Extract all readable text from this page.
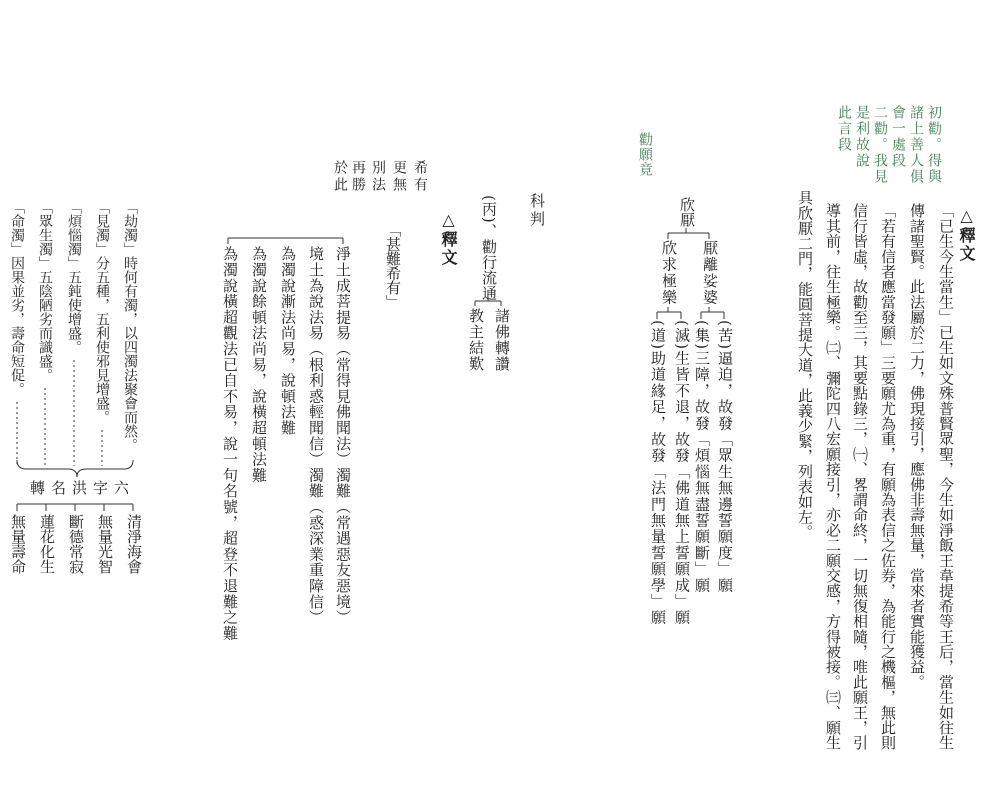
△釋文
初勸。得與
諸上善人俱
會一處段
二勸。我見
是利故說
此言段
「已生今生當生」已生如文殊普賢眾聖，今生如淨飯王韋提希等王后，當生如往生
傳諸聖賢。此法屬於二力，佛現接引，應佛非壽無量，當來者實能獲益。
「若有信者應當發願」三要願尤為重，有願為表信之佐券，為能行之機樞，無此則
信行皆虛，故勸至三，其要點錄三，㈠、畧謂命終，一切無復相隨，唯此願王，引
導其前，往生極樂。㈡、彌陀四八宏願接引，亦必二願交感，方得被接。㈢、願生
具欣厭二門，能圓菩提大道，此義少緊，列表如左。
欣厭
厭離娑婆
欣求極樂
(苦)逼迫，故發「眾生無邊誓願度」願
(集)三障，故發「煩惱無盡誓願斷」願
(滅)生皆不退，故發「佛道無上誓願成」願
(道)助道緣足，故發「法門無量誓願學」願
勸願竟
科判
(丙)、勸行流通
諸佛轉讚
教主結歎
△釋文
希有
更無
別法
再勝
於此
「甚難希有」
淨土成菩提易（常得見佛聞法）濁難（常遇惡友惡境）
境土為說法易（根利惑輕聞信）濁難（惑深業重障信）
為濁說漸法尚易，說頓法難
為濁說餘頓法尚易，說橫超頓法難
為濁說橫超觀法已自不易，說一句名號，超登不退難之難
「劫濁」時何有濁，以四濁法聚會而然。
「見濁」分五種，五利使邪見增盛。
「煩惱濁」五鈍使增盛。
「眾生濁」五陰陋劣而識盛。
「命濁」因果並劣，壽命短促。
轉名洪字六
清淨海會
無量光智
斷德常寂
蓮花化生
無量壽命
